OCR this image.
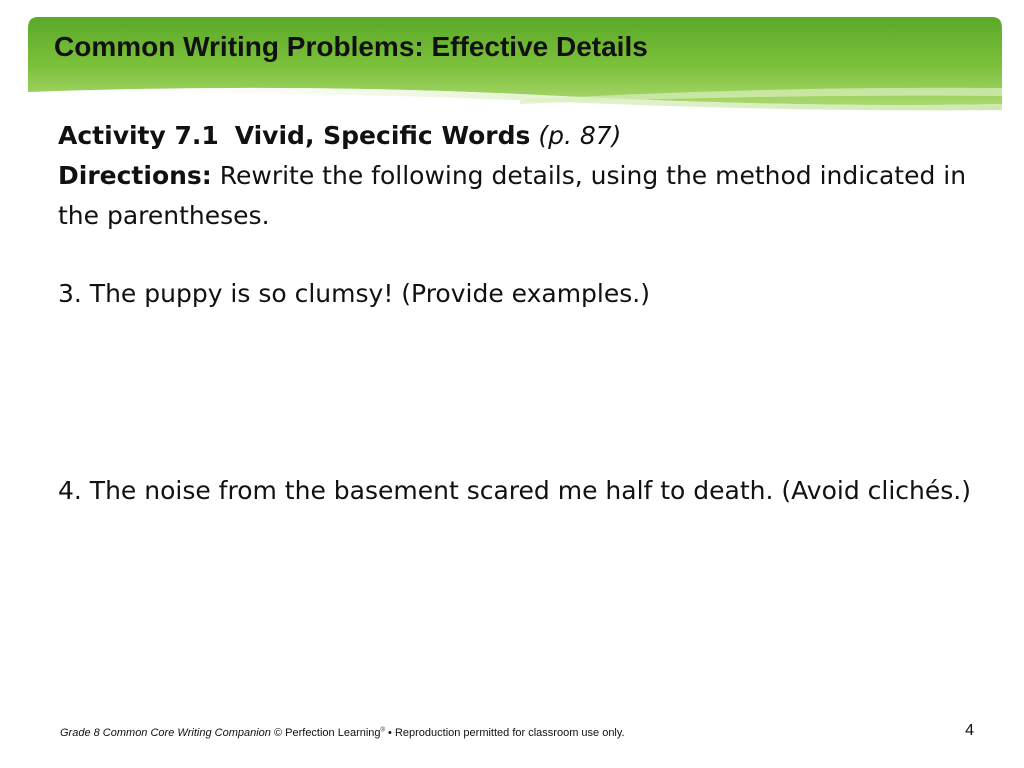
Common Writing Problems: Effective Details

Activity 7.1 Vivid, Specific Words (p. 87)

Directions: Rewrite the following details, using the method indicated in the parentheses.

3. The puppy is so clumsy! (Provide examples.)

4. The noise from the basement scared me half to death. (Avoid clichés.)

Grade 8 Common Core Writing Companion © Perfection Learning® • Reproduction permitted for classroom use only.	4
